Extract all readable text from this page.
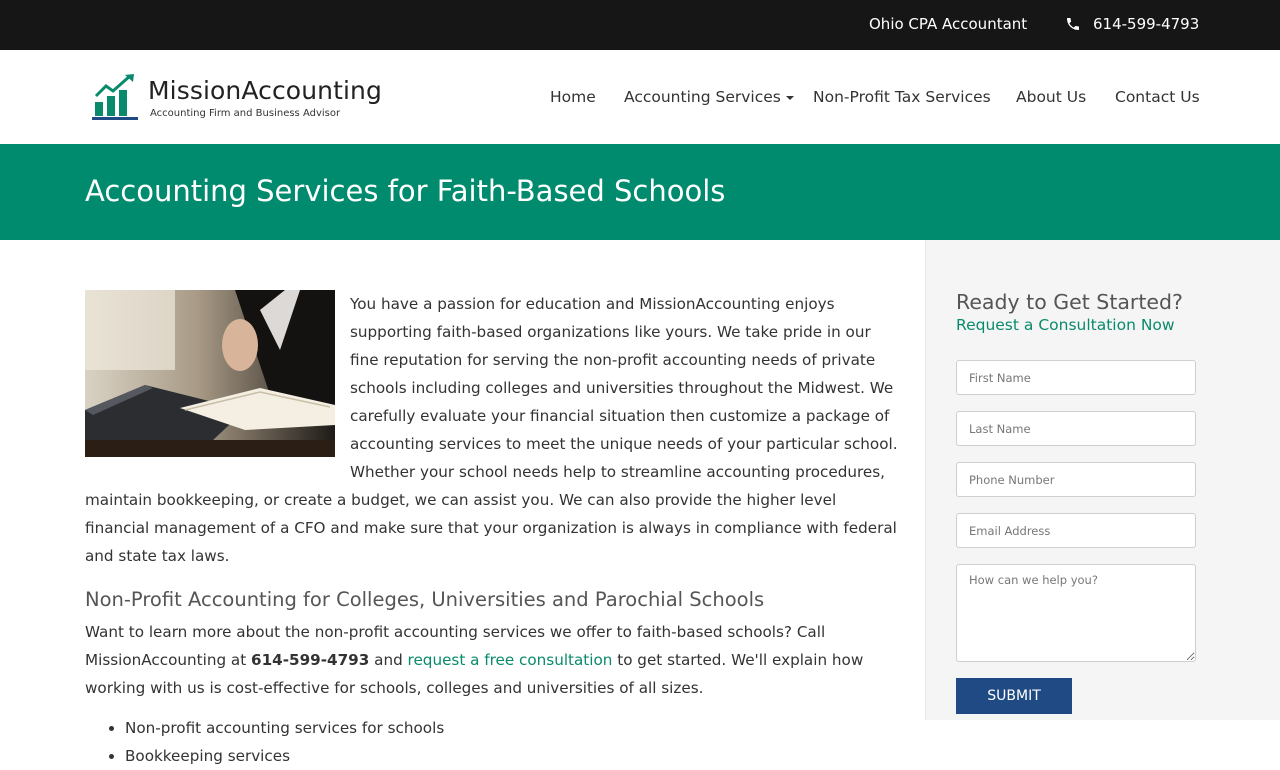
Ohio CPA Accountant	614-599-4793
MissionAccounting
Accounting Firm and Business Advisor
Home Accounting Services	Non-Profit Tax Services About Us Contact Us
Accounting Services for Faith-Based Schools

You have a passion for education and MissionAccounting enjoys supporting faith-based organizations like yours. We take pride in our fine reputation for serving the non-profit accounting needs of private schools including colleges and universities throughout the Midwest. We carefully evaluate your financial situation then customize a package of accounting services to meet the unique needs of your particular school. Whether your school needs help to streamline accounting procedures, maintain bookkeeping, or create a budget, we can assist you. We can also provide the higher level financial management of a CFO and make sure that your organization is always in compliance with federal and state tax laws.

Non-Profit Accounting for Colleges, Universities and Parochial Schools

Want to learn more about the non-profit accounting services we offer to faith-based schools? Call MissionAccounting at 614-599-4793 and request a free consultation to get started. We'll explain how working with us is cost-effective for schools, colleges and universities of all sizes.

• Non-profit accounting services for schools
• Bookkeeping services
Ready to Get Started?
Request a Consultation Now
First Name
Last Name
Phone Number
Email Address
How can we help you?
SUBMIT
